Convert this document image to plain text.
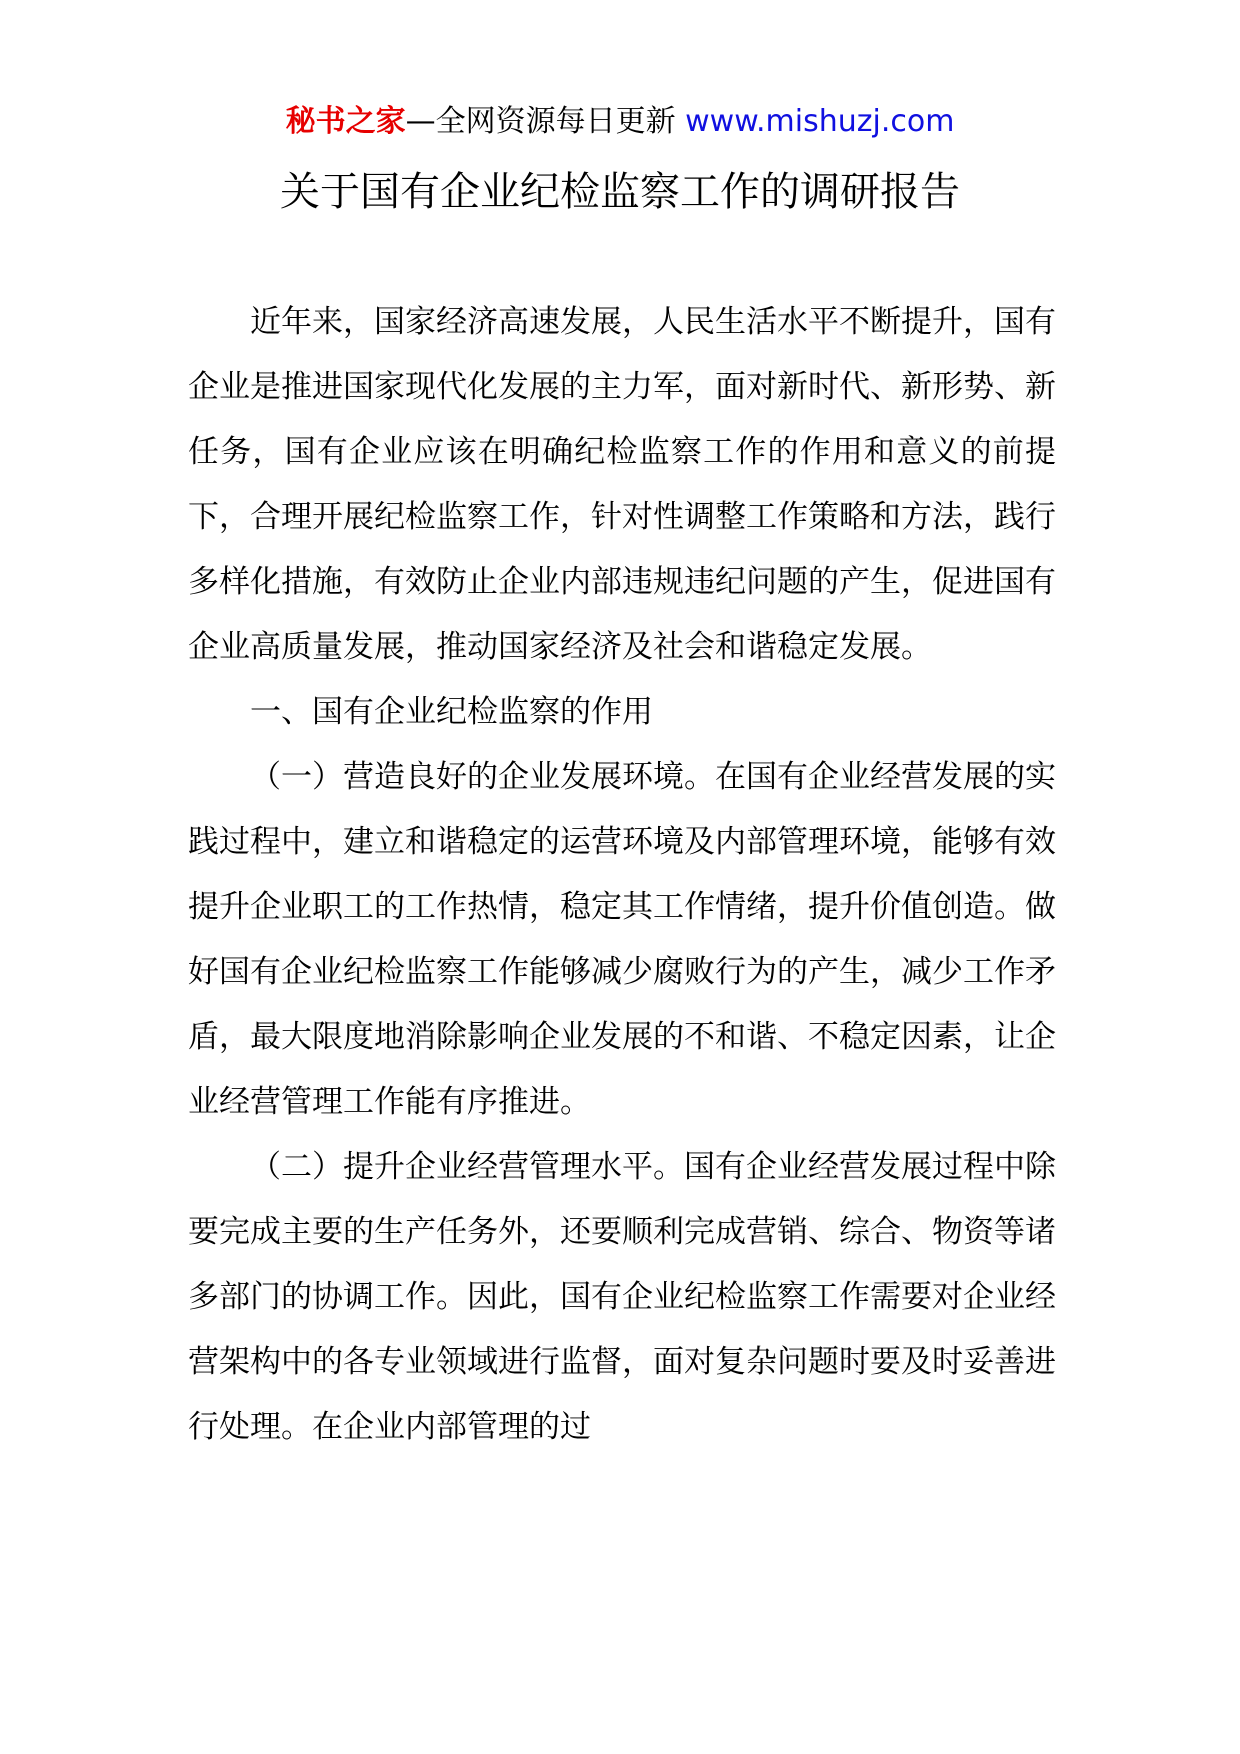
秘书之家—全网资源每日更新 www.mishuzj.com
关于国有企业纪检监察工作的调研报告

近年来，国家经济高速发展，人民生活水平不断提升，国有企业是推进国家现代化发展的主力军，面对新时代、新形势、新任务，国有企业应该在明确纪检监察工作的作用和意义的前提下，合理开展纪检监察工作，针对性调整工作策略和方法，践行多样化措施，有效防止企业内部违规违纪问题的产生，促进国有企业高质量发展，推动国家经济及社会和谐稳定发展。

一、国有企业纪检监察的作用

（一）营造良好的企业发展环境。在国有企业经营发展的实践过程中，建立和谐稳定的运营环境及内部管理环境，能够有效提升企业职工的工作热情，稳定其工作情绪，提升价值创造。做好国有企业纪检监察工作能够减少腐败行为的产生，减少工作矛盾，最大限度地消除影响企业发展的不和谐、不稳定因素，让企业经营管理工作能有序推进。

（二）提升企业经营管理水平。国有企业经营发展过程中除要完成主要的生产任务外，还要顺利完成营销、综合、物资等诸多部门的协调工作。因此，国有企业纪检监察工作需要对企业经营架构中的各专业领域进行监督，面对复杂问题时要及时妥善进行处理。在企业内部管理的过
